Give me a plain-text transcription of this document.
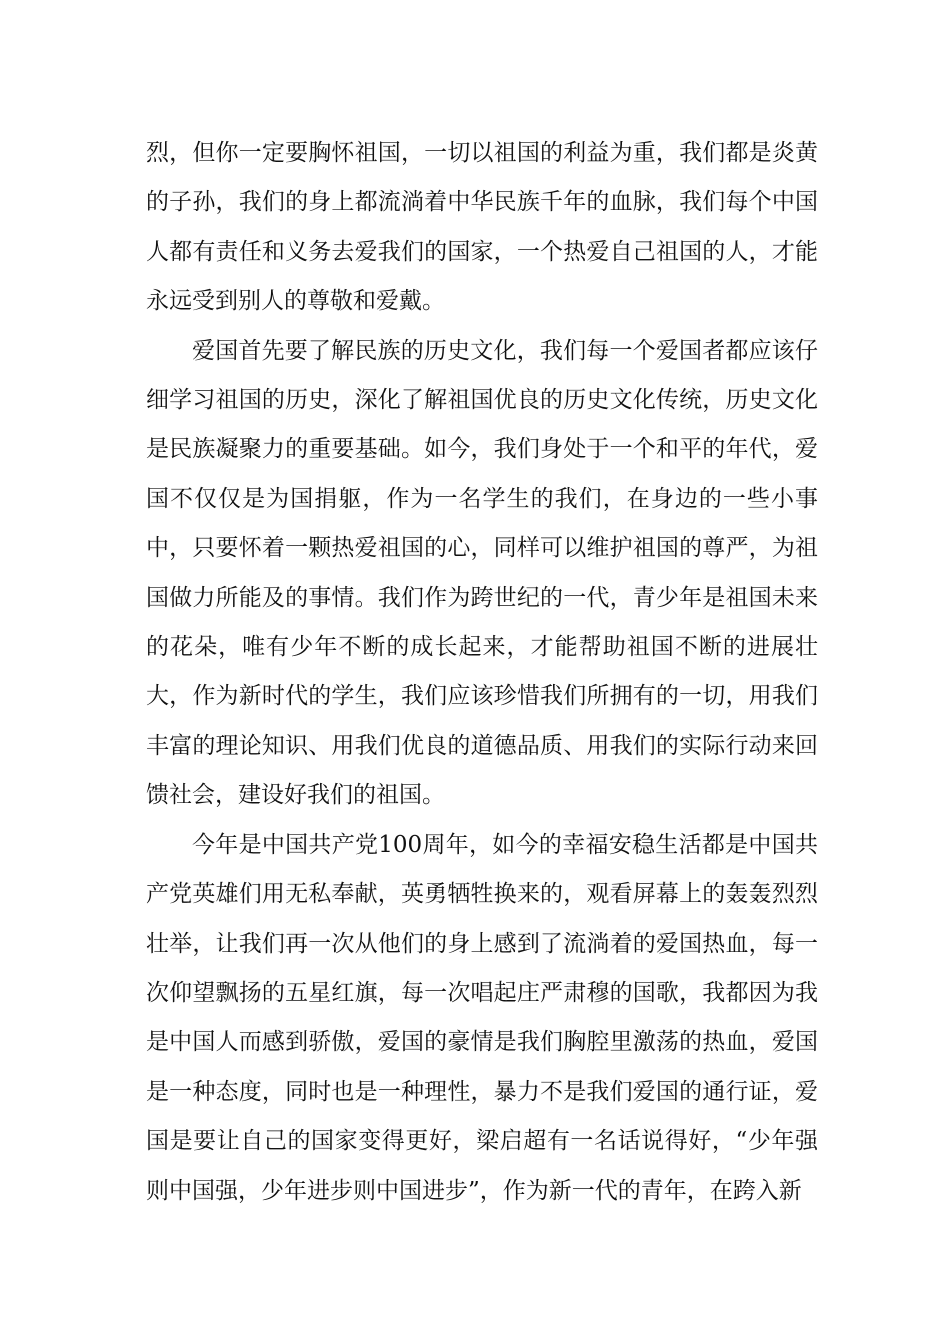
烈，但你一定要胸怀祖国，一切以祖国的利益为重，我们都是炎黄的子孙，我们的身上都流淌着中华民族千年的血脉，我们每个中国人都有责任和义务去爱我们的国家，一个热爱自己祖国的人，才能永远受到别人的尊敬和爱戴。

爱国首先要了解民族的历史文化，我们每一个爱国者都应该仔细学习祖国的历史，深化了解祖国优良的历史文化传统，历史文化是民族凝聚力的重要基础。如今，我们身处于一个和平的年代，爱国不仅仅是为国捐躯，作为一名学生的我们，在身边的一些小事中，只要怀着一颗热爱祖国的心，同样可以维护祖国的尊严，为祖国做力所能及的事情。我们作为跨世纪的一代，青少年是祖国未来的花朵，唯有少年不断的成长起来，才能帮助祖国不断的进展壮大，作为新时代的学生，我们应该珍惜我们所拥有的一切，用我们丰富的理论知识、用我们优良的道德品质、用我们的实际行动来回馈社会，建设好我们的祖国。

今年是中国共产党100周年，如今的幸福安稳生活都是中国共产党英雄们用无私奉献，英勇牺牲换来的，观看屏幕上的轰轰烈烈壮举，让我们再一次从他们的身上感到了流淌着的爱国热血，每一次仰望飘扬的五星红旗，每一次唱起庄严肃穆的国歌，我都因为我是中国人而感到骄傲，爱国的豪情是我们胸腔里激荡的热血，爱国是一种态度，同时也是一种理性，暴力不是我们爱国的通行证，爱国是要让自己的国家变得更好，梁启超有一名话说得好，“少年强则中国强，少年进步则中国进步”，作为新一代的青年，在跨入新
